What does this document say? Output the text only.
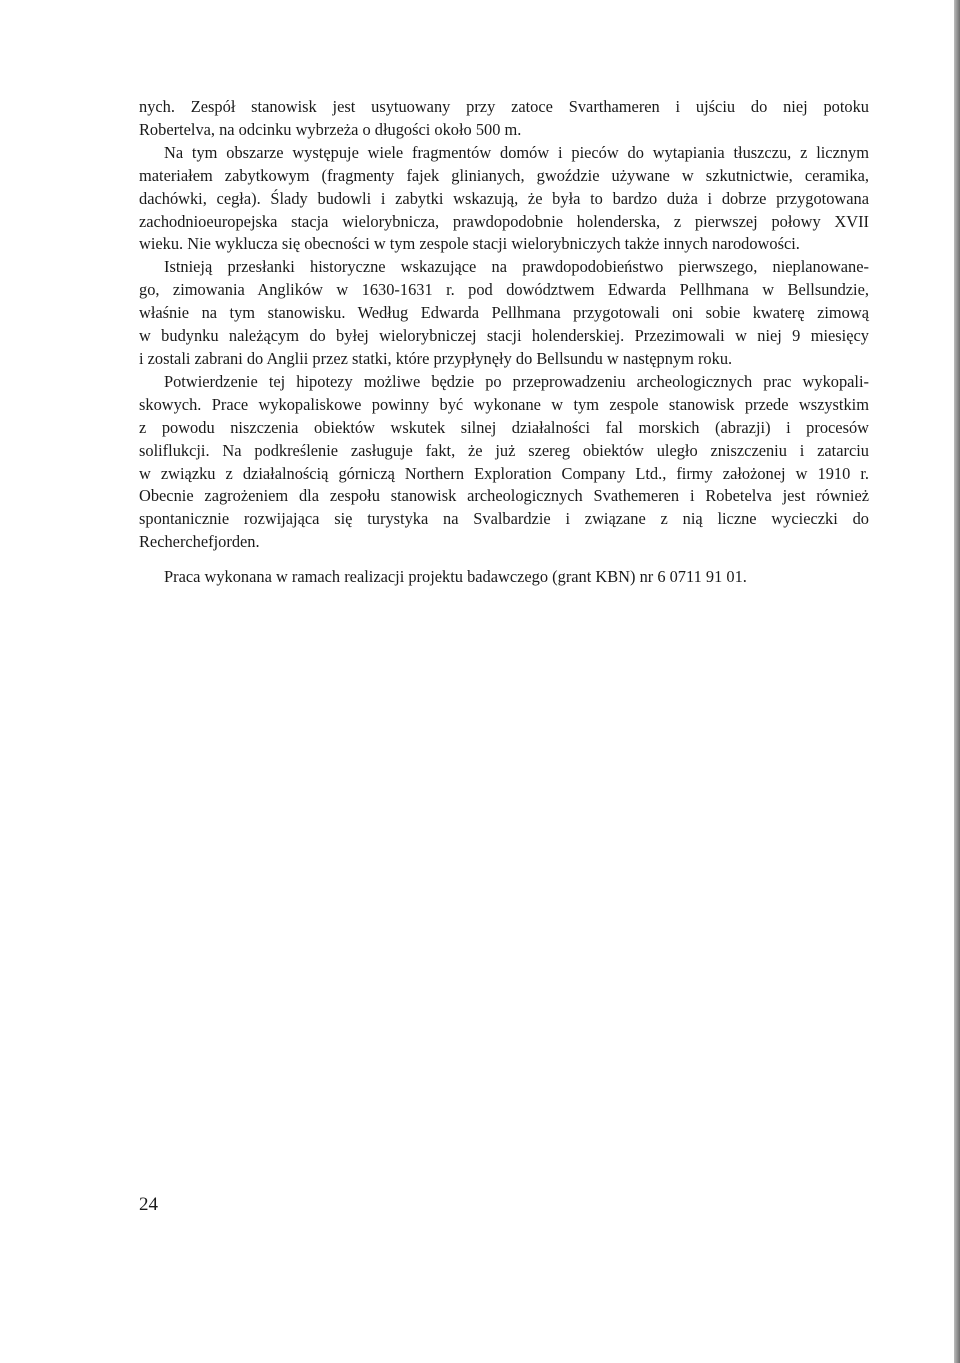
nych. Zespół stanowisk jest usytuowany przy zatoce Svarthameren i ujściu do niej potoku
Robertelva, na odcinku wybrzeża o długości około 500 m.
Na tym obszarze występuje wiele fragmentów domów i pieców do wytapiania tłuszczu, z licznym
materiałem zabytkowym (fragmenty fajek glinianych, gwoździe używane w szkutnictwie, ceramika,
dachówki, cegła). Ślady budowli i zabytki wskazują, że była to bardzo duża i dobrze przygotowana
zachodnioeuropejska stacja wielorybnicza, prawdopodobnie holenderska, z pierwszej połowy XVII
wieku. Nie wyklucza się obecności w tym zespole stacji wielorybniczych także innych narodowości.
Istnieją przesłanki historyczne wskazujące na prawdopodobieństwo pierwszego, nieplanowane-
go, zimowania Anglików w 1630-1631 r. pod dowództwem Edwarda Pellhmana w Bellsundzie,
właśnie na tym stanowisku. Według Edwarda Pellhmana przygotowali oni sobie kwaterę zimową
w budynku należącym do byłej wielorybniczej stacji holenderskiej. Przezimowali w niej 9 miesięcy
i zostali zabrani do Anglii przez statki, które przypłynęły do Bellsundu w następnym roku.
Potwierdzenie tej hipotezy możliwe będzie po przeprowadzeniu archeologicznych prac wykopali-
skowych. Prace wykopaliskowe powinny być wykonane w tym zespole stanowisk przede wszystkim
z powodu niszczenia obiektów wskutek silnej działalności fal morskich (abrazji) i procesów
soliflukcji. Na podkreślenie zasługuje fakt, że już szereg obiektów uległo zniszczeniu i zatarciu
w związku z działalnością górniczą Northern Exploration Company Ltd., firmy założonej w 1910 r.
Obecnie zagrożeniem dla zespołu stanowisk archeologicznych Svathemeren i Robetelva jest również
spontanicznie rozwijająca się turystyka na Svalbardzie i związane z nią liczne wycieczki do
Recherchefjorden.
Praca wykonana w ramach realizacji projektu badawczego (grant KBN) nr 6 0711 91 01.
24
